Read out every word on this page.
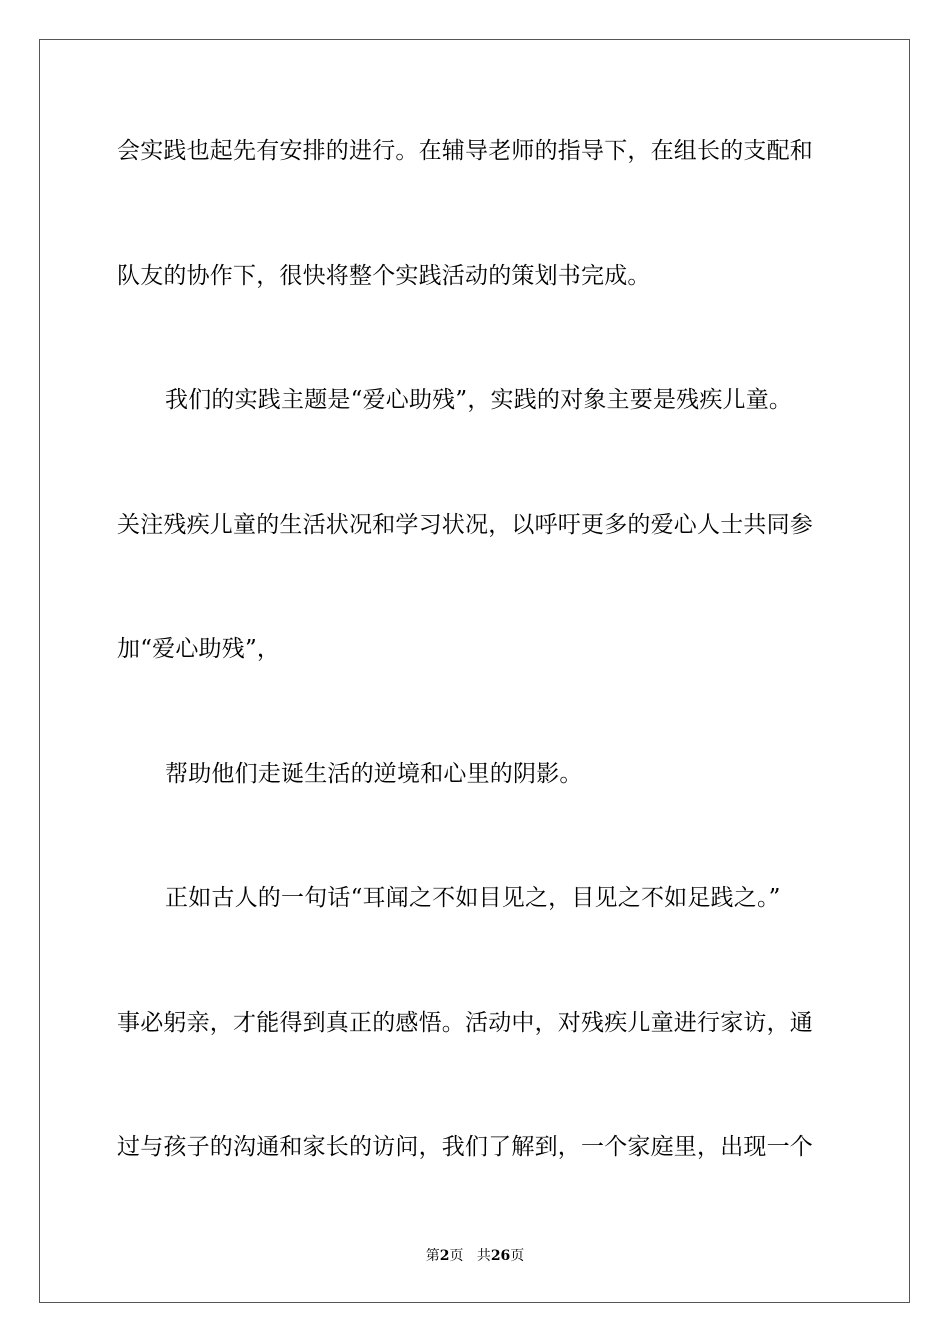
会实践也起先有安排的进行。在辅导老师的指导下，在组长的支配和
队友的协作下，很快将整个实践活动的策划书完成。
我们的实践主题是“爱心助残”，实践的对象主要是残疾儿童。
关注残疾儿童的生活状况和学习状况，以呼吁更多的爱心人士共同参
加“爱心助残”，
帮助他们走诞生活的逆境和心里的阴影。
正如古人的一句话“耳闻之不如目见之，目见之不如足践之。”
事必躬亲，才能得到真正的感悟。活动中，对残疾儿童进行家访，通
过与孩子的沟通和家长的访问，我们了解到，一个家庭里，出现一个
第2页 共26页
